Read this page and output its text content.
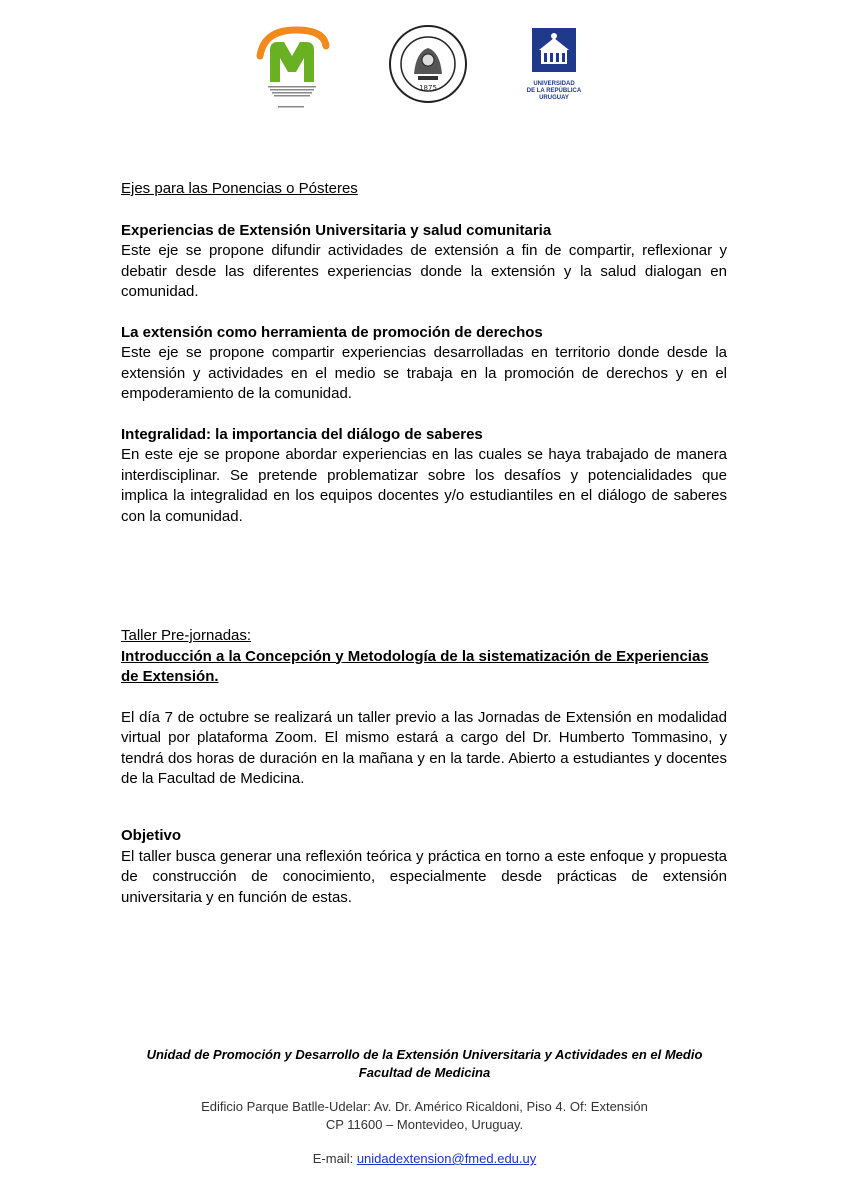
1875	UNIVERSIDAD
DE LA REPÚBLICA
URUGUAY
Ejes para las Ponencias o Pósteres
Experiencias de Extensión Universitaria y salud comunitaria

Este eje se propone difundir actividades de extensión a fin de compartir, reflexionar y debatir desde las diferentes experiencias donde la extensión y la salud dialogan en comunidad.

La extensión como herramienta de promoción de derechos

Este eje se propone compartir experiencias desarrolladas en territorio donde desde la extensión y actividades en el medio se trabaja en la promoción de derechos y en el empoderamiento de la comunidad.

Integralidad: la importancia del diálogo de saberes

En este eje se propone abordar experiencias en las cuales se haya trabajado de manera interdisciplinar. Se pretende problematizar sobre los desafíos y potencialidades que implica la integralidad en los equipos docentes y/o estudiantiles en el diálogo de saberes con la comunidad.

Taller Pre-jornadas:
Introducción a la Concepción y Metodología de la sistematización de Experiencias de Extensión.

El día 7 de octubre se realizará un taller previo a las Jornadas de Extensión en modalidad virtual por plataforma Zoom. El mismo estará a cargo del Dr. Humberto Tommasino, y tendrá dos horas de duración en la mañana y en la tarde. Abierto a estudiantes y docentes de la Facultad de Medicina.

Objetivo

El taller busca generar una reflexión teórica y práctica en torno a este enfoque y propuesta de construcción de conocimiento, especialmente desde prácticas de extensión universitaria y en función de estas.

Unidad de Promoción y Desarrollo de la Extensión Universitaria y Actividades en el Medio
Facultad de Medicina
Edificio Parque Batlle-Udelar: Av. Dr. Américo Ricaldoni, Piso 4. Of: Extensión
CP 11600 – Montevideo, Uruguay.
E-mail: unidadextension@fmed.edu.uy
